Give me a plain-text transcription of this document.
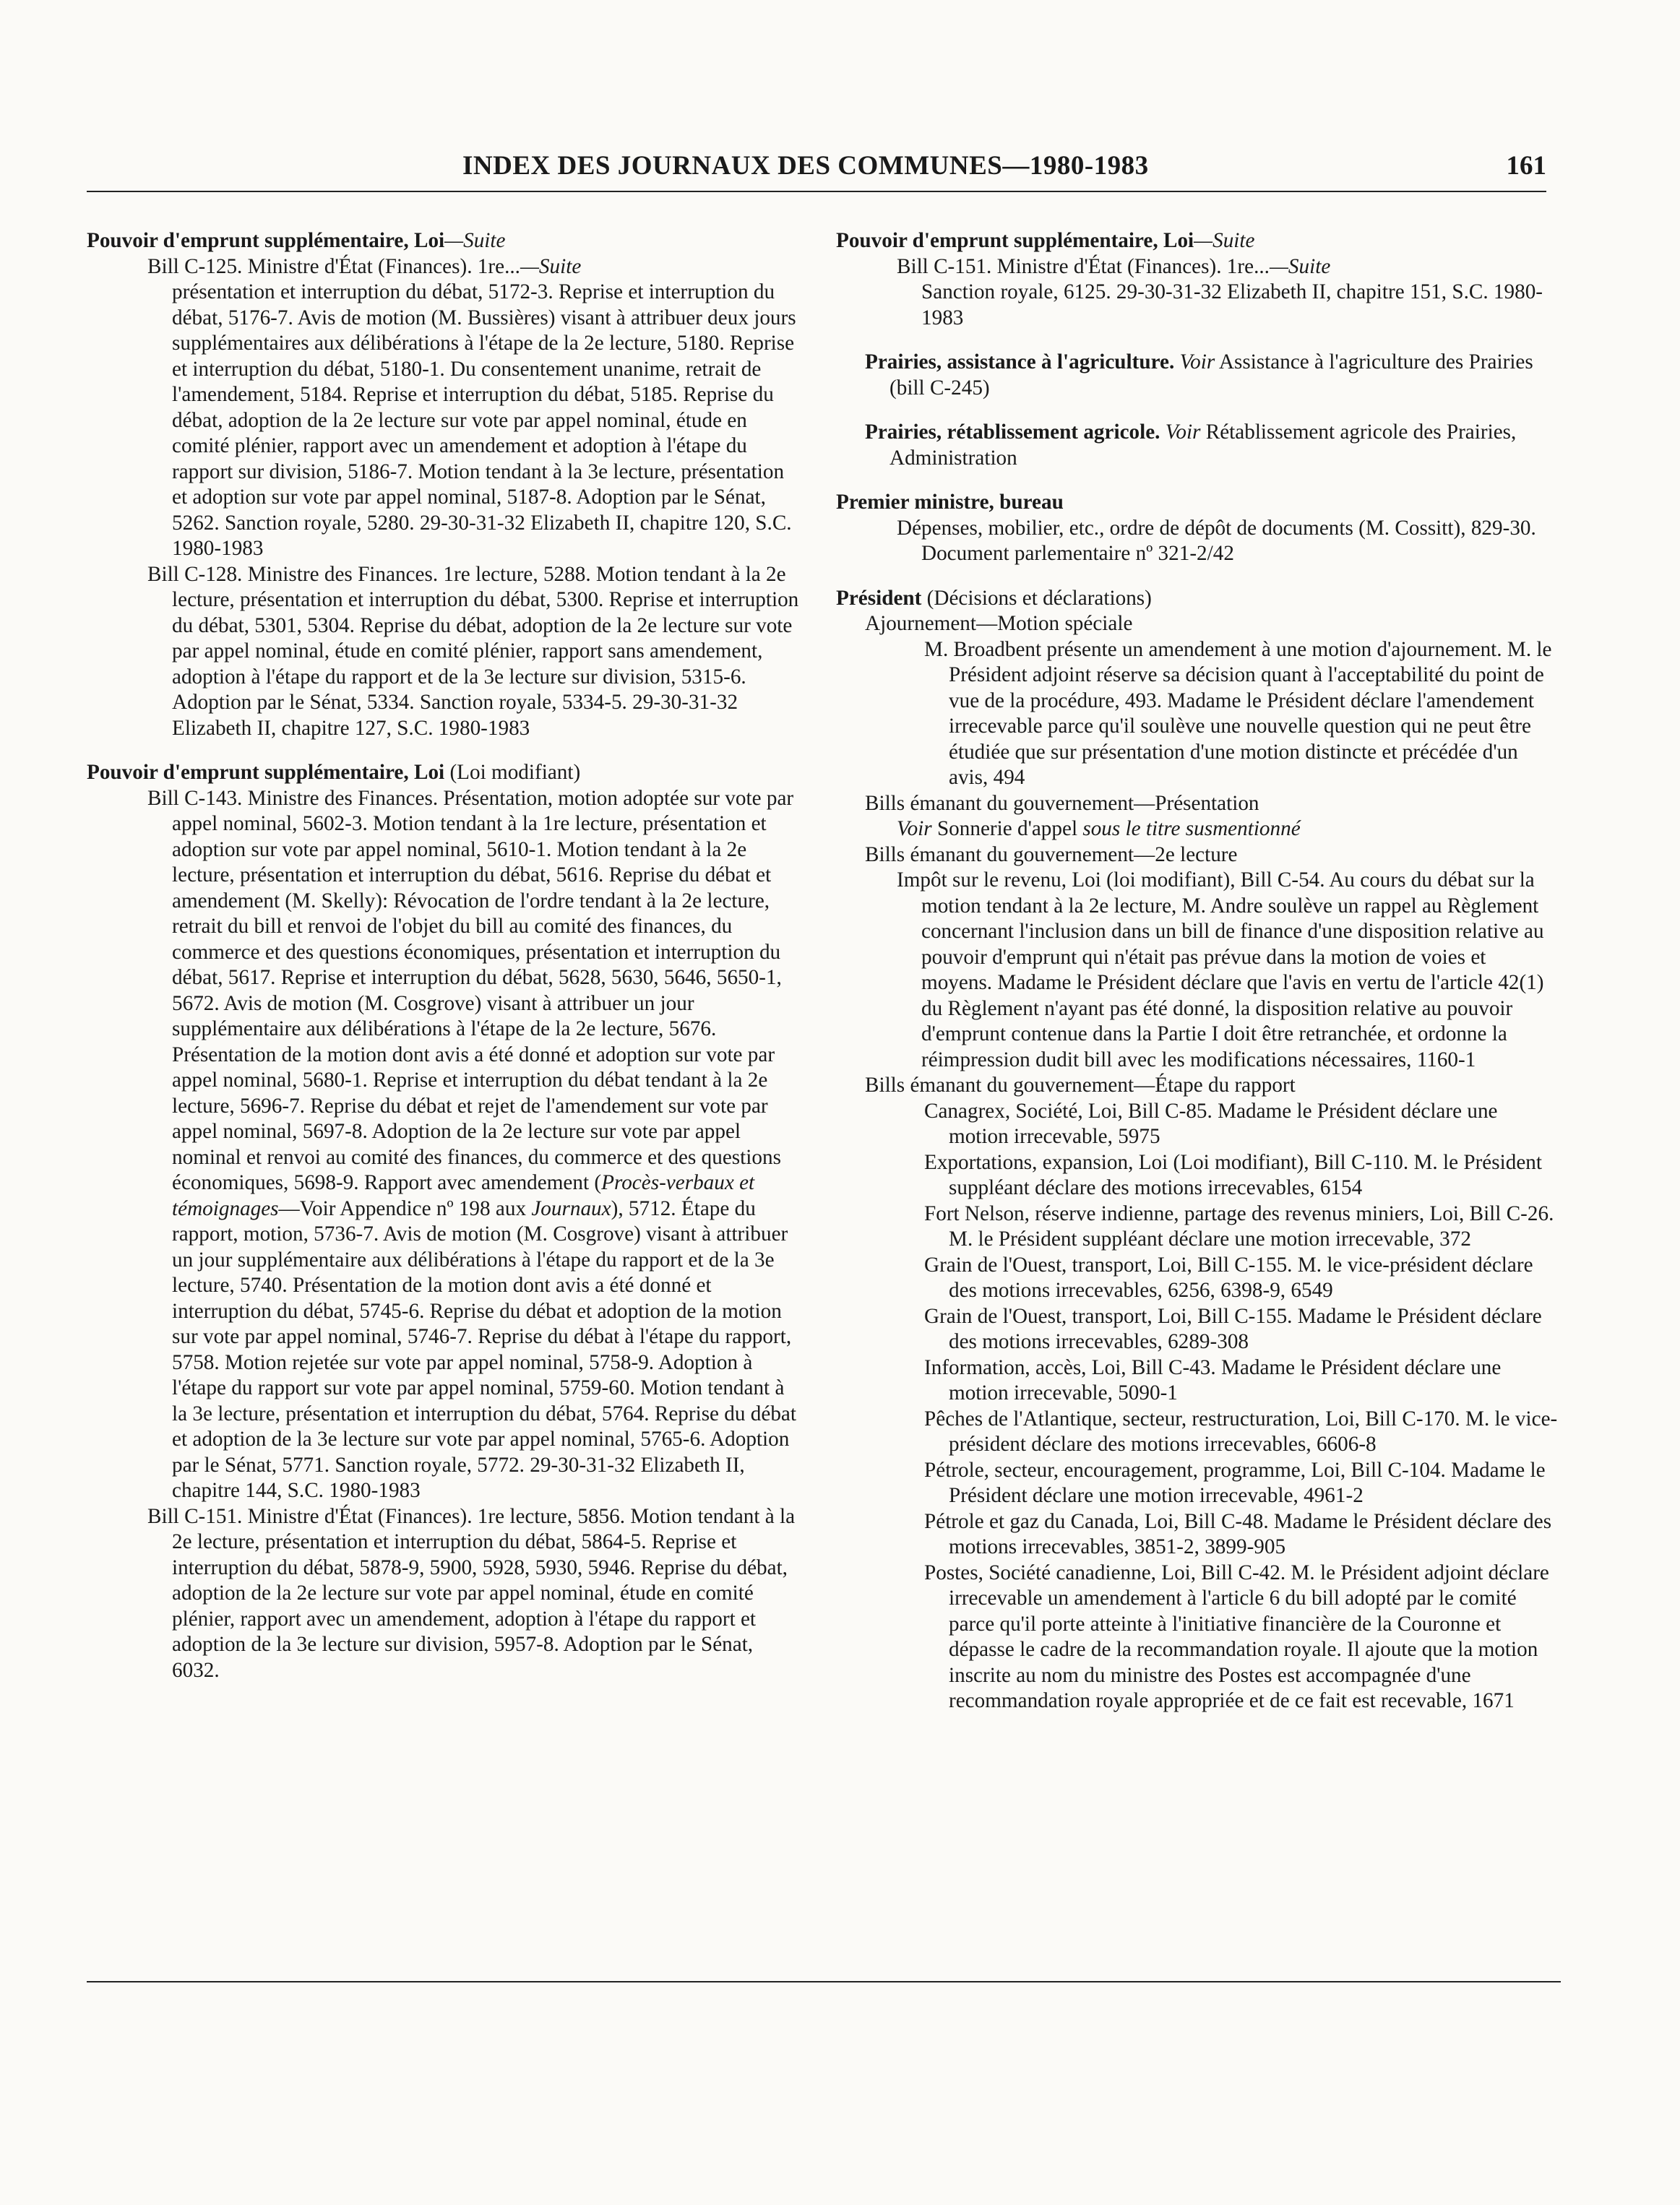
INDEX DES JOURNAUX DES COMMUNES—1980-1983	161
Pouvoir d'emprunt supplémentaire, Loi—Suite
Bill C-125. Ministre d'État (Finances). 1re...—Suite
présentation et interruption du débat, 5172-3. Reprise et interruption du débat, 5176-7. Avis de motion (M. Bussières) visant à attribuer deux jours supplémentaires aux délibérations à l'étape de la 2e lecture, 5180. Reprise et interruption du débat, 5180-1. Du consentement unanime, retrait de l'amendement, 5184. Reprise et interruption du débat, 5185. Reprise du débat, adoption de la 2e lecture sur vote par appel nominal, étude en comité plénier, rapport avec un amendement et adoption à l'étape du rapport sur division, 5186-7. Motion tendant à la 3e lecture, présentation et adoption sur vote par appel nominal, 5187-8. Adoption par le Sénat, 5262. Sanction royale, 5280. 29-30-31-32 Elizabeth II, chapitre 120, S.C. 1980-1983
Bill C-128. Ministre des Finances. 1re lecture, 5288. Motion tendant à la 2e lecture, présentation et interruption du débat, 5300. Reprise et interruption du débat, 5301, 5304. Reprise du débat, adoption de la 2e lecture sur vote par appel nominal, étude en comité plénier, rapport sans amendement, adoption à l'étape du rapport et de la 3e lecture sur division, 5315-6. Adoption par le Sénat, 5334. Sanction royale, 5334-5. 29-30-31-32 Elizabeth II, chapitre 127, S.C. 1980-1983
Pouvoir d'emprunt supplémentaire, Loi (Loi modifiant)
Bill C-143. Ministre des Finances. Présentation, motion adoptée sur vote par appel nominal, 5602-3. Motion tendant à la 1re lecture, présentation et adoption sur vote par appel nominal, 5610-1. Motion tendant à la 2e lecture, présentation et interruption du débat, 5616. Reprise du débat et amendement (M. Skelly): Révocation de l'ordre tendant à la 2e lecture, retrait du bill et renvoi de l'objet du bill au comité des finances, du commerce et des questions économiques, présentation et interruption du débat, 5617. Reprise et interruption du débat, 5628, 5630, 5646, 5650-1, 5672. Avis de motion (M. Cosgrove) visant à attribuer un jour supplémentaire aux délibérations à l'étape de la 2e lecture, 5676. Présentation de la motion dont avis a été donné et adoption sur vote par appel nominal, 5680-1. Reprise et interruption du débat tendant à la 2e lecture, 5696-7. Reprise du débat et rejet de l'amendement sur vote par appel nominal, 5697-8. Adoption de la 2e lecture sur vote par appel nominal et renvoi au comité des finances, du commerce et des questions économiques, 5698-9. Rapport avec amendement (Procès-verbaux et témoignages—Voir Appendice nº 198 aux Journaux), 5712. Étape du rapport, motion, 5736-7. Avis de motion (M. Cosgrove) visant à attribuer un jour supplémentaire aux délibérations à l'étape du rapport et de la 3e lecture, 5740. Présentation de la motion dont avis a été donné et interruption du débat, 5745-6. Reprise du débat et adoption de la motion sur vote par appel nominal, 5746-7. Reprise du débat à l'étape du rapport, 5758. Motion rejetée sur vote par appel nominal, 5758-9. Adoption à l'étape du rapport sur vote par appel nominal, 5759-60. Motion tendant à la 3e lecture, présentation et interruption du débat, 5764. Reprise du débat et adoption de la 3e lecture sur vote par appel nominal, 5765-6. Adoption par le Sénat, 5771. Sanction royale, 5772. 29-30-31-32 Elizabeth II, chapitre 144, S.C. 1980-1983
Bill C-151. Ministre d'État (Finances). 1re lecture, 5856. Motion tendant à la 2e lecture, présentation et interruption du débat, 5864-5. Reprise et interruption du débat, 5878-9, 5900, 5928, 5930, 5946. Reprise du débat, adoption de la 2e lecture sur vote par appel nominal, étude en comité plénier, rapport avec un amendement, adoption à l'étape du rapport et adoption de la 3e lecture sur division, 5957-8. Adoption par le Sénat, 6032.
Pouvoir d'emprunt supplémentaire, Loi—Suite
Bill C-151. Ministre d'État (Finances). 1re...—Suite
Sanction royale, 6125. 29-30-31-32 Elizabeth II, chapitre 151, S.C. 1980-1983
Prairies, assistance à l'agriculture. Voir Assistance à l'agriculture des Prairies (bill C-245)
Prairies, rétablissement agricole. Voir Rétablissement agricole des Prairies, Administration
Premier ministre, bureau
Dépenses, mobilier, etc., ordre de dépôt de documents (M. Cossitt), 829-30. Document parlementaire nº 321-2/42
Président (Décisions et déclarations)
Ajournement—Motion spéciale
M. Broadbent présente un amendement à une motion d'ajournement. M. le Président adjoint réserve sa décision quant à l'acceptabilité du point de vue de la procédure, 493. Madame le Président déclare l'amendement irrecevable parce qu'il soulève une nouvelle question qui ne peut être étudiée que sur présentation d'une motion distincte et précédée d'un avis, 494
Bills émanant du gouvernement—Présentation
Voir Sonnerie d'appel sous le titre susmentionné
Bills émanant du gouvernement—2e lecture
Impôt sur le revenu, Loi (loi modifiant), Bill C-54. Au cours du débat sur la motion tendant à la 2e lecture, M. Andre soulève un rappel au Règlement concernant l'inclusion dans un bill de finance d'une disposition relative au pouvoir d'emprunt qui n'était pas prévue dans la motion de voies et moyens. Madame le Président déclare que l'avis en vertu de l'article 42(1) du Règlement n'ayant pas été donné, la disposition relative au pouvoir d'emprunt contenue dans la Partie I doit être retranchée, et ordonne la réimpression dudit bill avec les modifications nécessaires, 1160-1
Bills émanant du gouvernement—Étape du rapport
Canagrex, Société, Loi, Bill C-85. Madame le Président déclare une motion irrecevable, 5975
Exportations, expansion, Loi (Loi modifiant), Bill C-110. M. le Président suppléant déclare des motions irrecevables, 6154
Fort Nelson, réserve indienne, partage des revenus miniers, Loi, Bill C-26. M. le Président suppléant déclare une motion irrecevable, 372
Grain de l'Ouest, transport, Loi, Bill C-155. M. le vice-président déclare des motions irrecevables, 6256, 6398-9, 6549
Grain de l'Ouest, transport, Loi, Bill C-155. Madame le Président déclare des motions irrecevables, 6289-308
Information, accès, Loi, Bill C-43. Madame le Président déclare une motion irrecevable, 5090-1
Pêches de l'Atlantique, secteur, restructuration, Loi, Bill C-170. M. le vice-président déclare des motions irrecevables, 6606-8
Pétrole, secteur, encouragement, programme, Loi, Bill C-104. Madame le Président déclare une motion irrecevable, 4961-2
Pétrole et gaz du Canada, Loi, Bill C-48. Madame le Président déclare des motions irrecevables, 3851-2, 3899-905
Postes, Société canadienne, Loi, Bill C-42. M. le Président adjoint déclare irrecevable un amendement à l'article 6 du bill adopté par le comité parce qu'il porte atteinte à l'initiative financière de la Couronne et dépasse le cadre de la recommandation royale. Il ajoute que la motion inscrite au nom du ministre des Postes est accompagnée d'une recommandation royale appropriée et de ce fait est recevable, 1671
